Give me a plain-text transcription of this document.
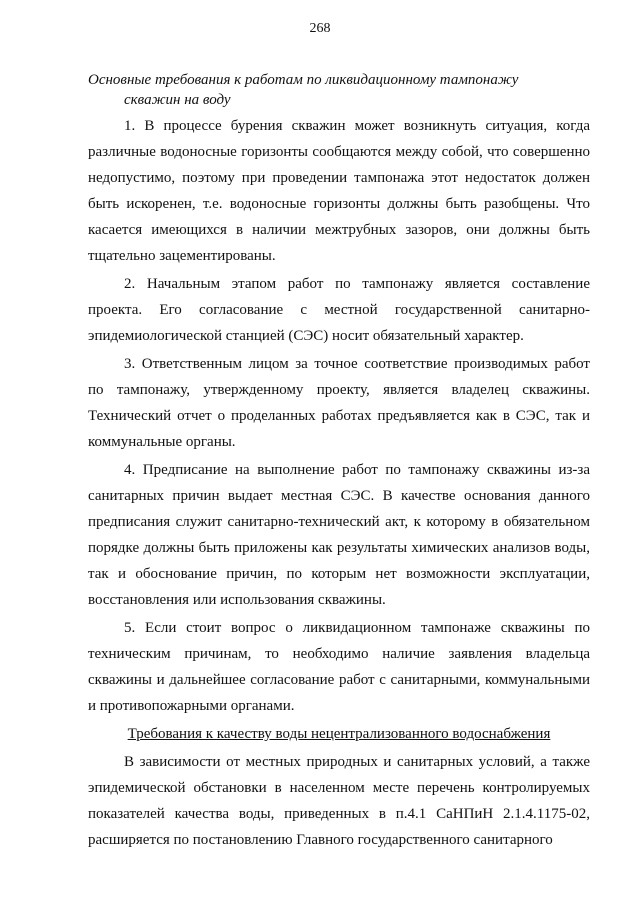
268
Основные требования к работам по ликвидационному тампонажу
скважин на воду

1. В процессе бурения скважин может возникнуть ситуация, когда различные водоносные горизонты сообщаются между собой, что совершенно недопустимо, поэтому при проведении тампонажа этот недостаток должен быть искоренен, т.е. водоносные горизонты должны быть разобщены. Что касается имеющихся в наличии межтрубных зазоров, они должны быть тщательно зацементированы.

2. Начальным этапом работ по тампонажу является составление проекта. Его согласование с местной государственной санитарно-эпидемиологической станцией (СЭС) носит обязательный характер.

3. Ответственным лицом за точное соответствие производимых работ по тампонажу, утвержденному проекту, является владелец скважины. Технический отчет о проделанных работах предъявляется как в СЭС, так и коммунальные органы.

4. Предписание на выполнение работ по тампонажу скважины из-за санитарных причин выдает местная СЭС. В качестве основания данного предписания служит санитарно-технический акт, к которому в обязательном порядке должны быть приложены как результаты химических анализов воды, так и обоснование причин, по которым нет возможности эксплуатации, восстановления или использования скважины.

5. Если стоит вопрос о ликвидационном тампонаже скважины по техническим причинам, то необходимо наличие заявления владельца скважины и дальнейшее согласование работ с санитарными, коммунальными и противопожарными органами.

Требования к качеству воды нецентрализованного водоснабжения

В зависимости от местных природных и санитарных условий, а также эпидемической обстановки в населенном месте перечень контролируемых показателей качества воды, приведенных в п.4.1 СаНПиН 2.1.4.1175-02, расширяется по постановлению Главного государственного санитарного
